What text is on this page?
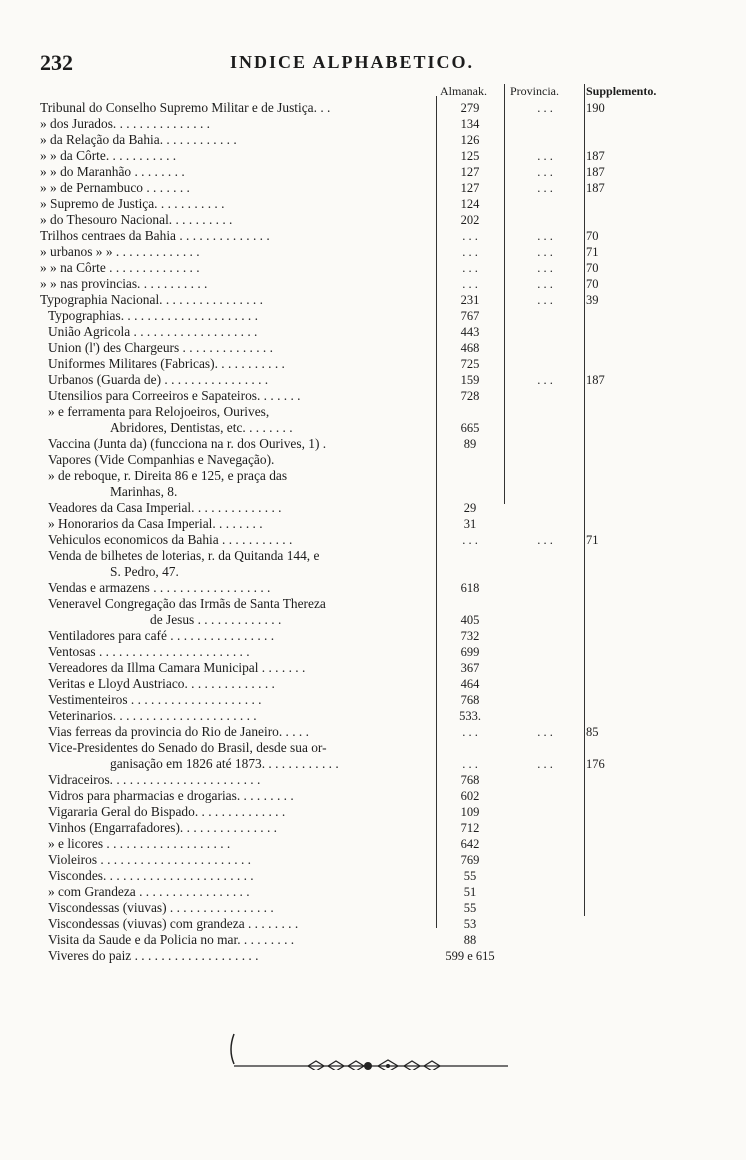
232	INDICE ALPHABETICO.
Almanak. Provincia. Supplemento.
Tribunal do Conselho Supremo Militar e de Justiça. . .	279	. . .	190
» dos Jurados. . . . . . . . . . . . . . .	134
» da Relação da Bahia. . . . . . . . . . . .	126
» » da Côrte. . . . . . . . . . .	125	. . .	187
» » do Maranhão . . . . . . . .	127	. . .	187
» » de Pernambuco . . . . . . .	127	. . .	187
» Supremo de Justiça. . . . . . . . . . .	124
» do Thesouro Nacional. . . . . . . . . .	202
Trilhos centraes da Bahia . . . . . . . . . . . . . .	. . .	. . .	70
» urbanos » » . . . . . . . . . . . . .	. . .	. . .	71
» » na Côrte . . . . . . . . . . . . . .	. . .	. . .	70
» » nas provincias. . . . . . . . . . .	. . .	. . .	70
Typographia Nacional. . . . . . . . . . . . . . . .	231	. . .	39
Typographias. . . . . . . . . . . . . . . . . . . . .	767
União Agricola . . . . . . . . . . . . . . . . . . .	443
Union (l') des Chargeurs . . . . . . . . . . . . . .	468
Uniformes Militares (Fabricas). . . . . . . . . . .	725
Urbanos (Guarda de) . . . . . . . . . . . . . . . .	159	. . .	187
Utensilios para Correeiros e Sapateiros. . . . . . .	728
» e ferramenta para Relojoeiros, Ourives,
Abridores, Dentistas, etc. . . . . . . .	665
Vaccina (Junta da) (funcciona na r. dos Ourives, 1) .	89
Vapores (Vide Companhias e Navegação).
» de reboque, r. Direita 86 e 125, e praça das
Marinhas, 8.
Veadores da Casa Imperial. . . . . . . . . . . . . .	29
» Honorarios da Casa Imperial. . . . . . . .	31
Vehiculos economicos da Bahia . . . . . . . . . . .	. . .	. . .	71
Venda de bilhetes de loterias, r. da Quitanda 144, e
S. Pedro, 47.
Vendas e armazens . . . . . . . . . . . . . . . . . .	618
Veneravel Congregação das Irmãs de Santa Thereza
de Jesus . . . . . . . . . . . . .	405
Ventiladores para café . . . . . . . . . . . . . . . .	732
Ventosas . . . . . . . . . . . . . . . . . . . . . . .	699
Vereadores da Illma Camara Municipal . . . . . . .	367
Veritas e Lloyd Austriaco. . . . . . . . . . . . . .	464
Vestimenteiros . . . . . . . . . . . . . . . . . . . .	768
Veterinarios. . . . . . . . . . . . . . . . . . . . . .	533.
Vias ferreas da provincia do Rio de Janeiro. . . . .	. . .	. . .	85
Vice-Presidentes do Senado do Brasil, desde sua or-
ganisação em 1826 até 1873. . . . . . . . . . . .	. . .	. . .	176
Vidraceiros. . . . . . . . . . . . . . . . . . . . . . .	768
Vidros para pharmacias e drogarias. . . . . . . . .	602
Vigararia Geral do Bispado. . . . . . . . . . . . . .	109
Vinhos (Engarrafadores). . . . . . . . . . . . . . .	712
» e licores . . . . . . . . . . . . . . . . . . .	642
Violeiros . . . . . . . . . . . . . . . . . . . . . . .	769
Viscondes. . . . . . . . . . . . . . . . . . . . . . .	55
» com Grandeza . . . . . . . . . . . . . . . . .	51
Viscondessas (viuvas) . . . . . . . . . . . . . . . .	55
Viscondessas (viuvas) com grandeza . . . . . . . .	53
Visita da Saude e da Policia no mar. . . . . . . . .	88
Viveres do paiz . . . . . . . . . . . . . . . . . . .	599 e 615
